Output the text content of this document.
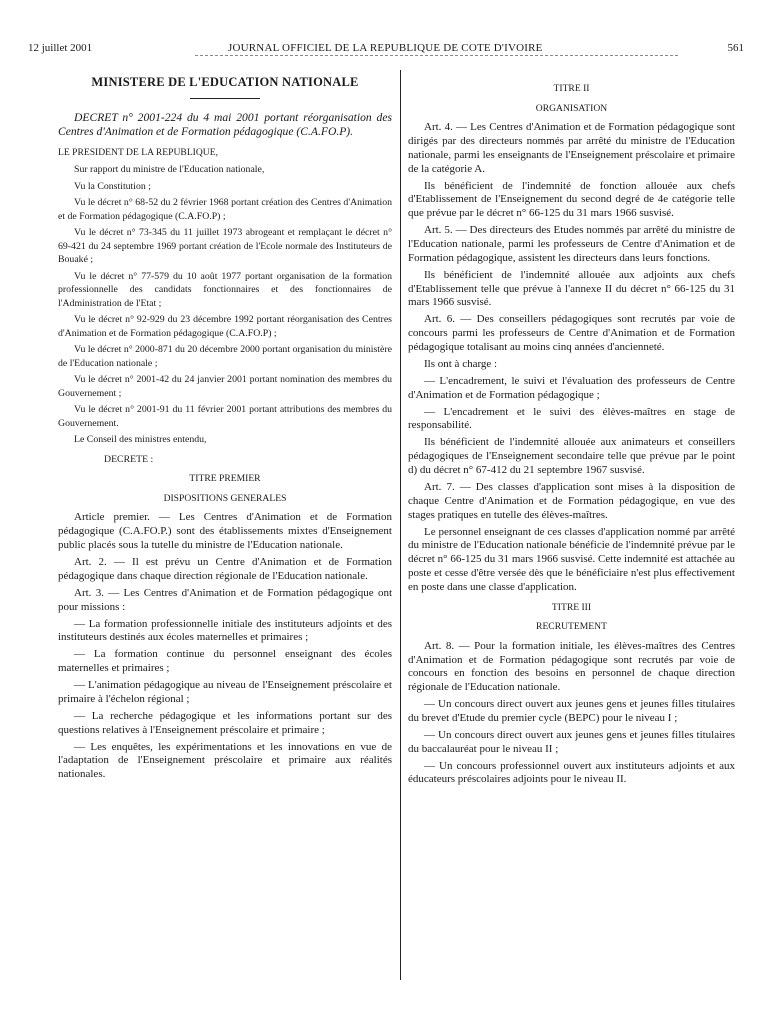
12 juillet 2001	JOURNAL OFFICIEL DE LA REPUBLIQUE DE COTE D'IVOIRE	561

MINISTERE DE L'EDUCATION NATIONALE

DECRET n° 2001-224 du 4 mai 2001 portant réorganisation des Centres d'Animation et de Formation pédagogique (C.A.FO.P).

LE PRESIDENT DE LA REPUBLIQUE,

Sur rapport du ministre de l'Education nationale,

Vu la Constitution ;

Vu le décret n° 68-52 du 2 février 1968 portant création des Centres d'Animation et de Formation pédagogique (C.A.FO.P) ;

Vu le décret n° 73-345 du 11 juillet 1973 abrogeant et remplaçant le décret n° 69-421 du 24 septembre 1969 portant création de l'Ecole normale des Instituteurs de Bouaké ;

Vu le décret n° 77-579 du 10 août 1977 portant organisation de la formation professionnelle des candidats fonctionnaires et des fonctionnaires de l'Administration de l'Etat ;

Vu le décret n° 92-929 du 23 décembre 1992 portant réorganisation des Centres d'Animation et de Formation pédagogique (C.A.FO.P) ;

Vu le décret n° 2000-871 du 20 décembre 2000 portant organisation du ministère de l'Education nationale ;

Vu le décret n° 2001-42 du 24 janvier 2001 portant nomination des membres du Gouvernement ;

Vu le décret n° 2001-91 du 11 février 2001 portant attributions des membres du Gouvernement.

Le Conseil des ministres entendu,

DECRETE :

TITRE PREMIER

DISPOSITIONS GENERALES

Article premier. — Les Centres d'Animation et de Formation pédagogique (C.A.FO.P.) sont des établissements mixtes d'Enseignement public placés sous la tutelle du ministre de l'Education nationale.

Art. 2. — Il est prévu un Centre d'Animation et de Formation pédagogique dans chaque direction régionale de l'Education nationale.

Art. 3. — Les Centres d'Animation et de Formation pédagogique ont pour missions :

— La formation professionnelle initiale des instituteurs adjoints et des instituteurs destinés aux écoles maternelles et primaires ;

— La formation continue du personnel enseignant des écoles maternelles et primaires ;

— L'animation pédagogique au niveau de l'Enseignement préscolaire et primaire à l'échelon régional ;

— La recherche pédagogique et les informations portant sur des questions relatives à l'Enseignement préscolaire et primaire ;

— Les enquêtes, les expérimentations et les innovations en vue de l'adaptation de l'Enseignement préscolaire et primaire aux réalités nationales.

TITRE II

ORGANISATION

Art. 4. — Les Centres d'Animation et de Formation pédagogique sont dirigés par des directeurs nommés par arrêté du ministre de l'Education nationale, parmi les enseignants de l'Enseignement préscolaire et primaire de la catégorie A.

Ils bénéficient de l'indemnité de fonction allouée aux chefs d'Etablissement de l'Enseignement du second degré de 4e catégorie telle que prévue par le décret n° 66-125 du 31 mars 1966 susvisé.

Art. 5. — Des directeurs des Etudes nommés par arrêté du ministre de l'Education nationale, parmi les professeurs de Centre d'Animation et de Formation pédagogique, assistent les directeurs dans leurs fonctions.

Ils bénéficient de l'indemnité allouée aux adjoints aux chefs d'Etablissement telle que prévue à l'annexe II du décret n° 66-125 du 31 mars 1966 susvisé.

Art. 6. — Des conseillers pédagogiques sont recrutés par voie de concours parmi les professeurs de Centre d'Animation et de Formation pédagogique totalisant au moins cinq années d'ancienneté.

Ils ont à charge :

— L'encadrement, le suivi et l'évaluation des professeurs de Centre d'Animation et de Formation pédagogique ;

— L'encadrement et le suivi des élèves-maîtres en stage de responsabilité.

Ils bénéficient de l'indemnité allouée aux animateurs et conseillers pédagogiques de l'Enseignement secondaire telle que prévue par le point d) du décret n° 67-412 du 21 septembre 1967 susvisé.

Art. 7. — Des classes d'application sont mises à la disposition de chaque Centre d'Animation et de Formation pédagogique, en vue des stages pratiques en tutelle des élèves-maîtres.

Le personnel enseignant de ces classes d'application nommé par arrêté du ministre de l'Education nationale bénéficie de l'indemnité prévue par le décret n° 66-125 du 31 mars 1966 susvisé. Cette indemnité est attachée au poste et cesse d'être versée dès que le bénéficiaire n'est plus effectivement en poste dans une classe d'application.

TITRE III

RECRUTEMENT

Art. 8. — Pour la formation initiale, les élèves-maîtres des Centres d'Animation et de Formation pédagogique sont recrutés par voie de concours en fonction des besoins en personnel de chaque direction régionale de l'Education nationale.

— Un concours direct ouvert aux jeunes gens et jeunes filles titulaires du brevet d'Etude du premier cycle (BEPC) pour le niveau I ;

— Un concours direct ouvert aux jeunes gens et jeunes filles titulaires du baccalauréat pour le niveau II ;

— Un concours professionnel ouvert aux instituteurs adjoints et aux éducateurs préscolaires adjoints pour le niveau II.
